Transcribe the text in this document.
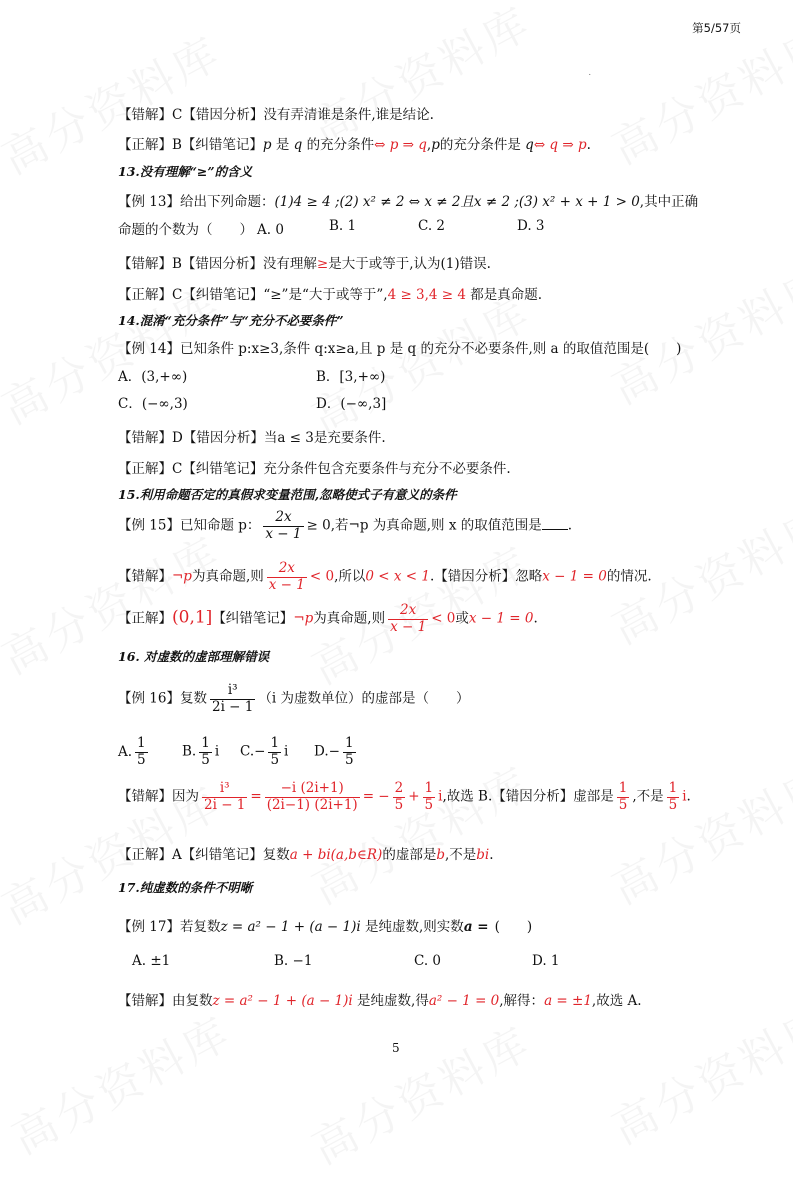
第5/57页
.
【错解】C【错因分析】没有弄清谁是条件,谁是结论.
【正解】B【纠错笔记】p 是 q 的充分条件⇔ p ⇒ q,p的充分条件是 q⇔ q ⇒ p.
13.没有理解“≥”的含义
【例 13】给出下列命题：(1)4 ≥ 4 ;(2) x² ≠ 2 ⇔ x ≠ 2且x ≠ 2 ;(3) x² + x + 1 > 0,其中正确
命题的个数为（　　） A. 0	B. 1	C. 2	D. 3
【错解】B【错因分析】没有理解≥是大于或等于,认为(1)错误.
【正解】C【纠错笔记】“≥”是“大于或等于”,4 ≥ 3,4 ≥ 4 都是真命题.
14.混淆“充分条件”与“充分不必要条件”
【例 14】已知条件 p:x≥3,条件 q:x≥a,且 p 是 q 的充分不必要条件,则 a 的取值范围是(　　)
A．(3,+∞)	B．[3,+∞)
C．(−∞,3)	D．(−∞,3]
【错解】D【错因分析】当a ≤ 3是充要条件.
【正解】C【纠错笔记】充分条件包含充要条件与充分不必要条件.
15.利用命题否定的真假求变量范围,忽略使式子有意义的条件
【例 15】已知命题 p： $\frac{2x}{x - 1} \ge 0$,若¬p 为真命题,则 x 的取值范围是 .
【错解】¬p为真命题,则 $\frac{2x}{x - 1} < 0$,所以0 < x < 1.【错因分析】忽略x − 1 = 0的情况.
【正解】(0,1]【纠错笔记】¬p为真命题,则 $\frac{2x}{x - 1} < 0$或x − 1 = 0.
16. 对虚数的虚部理解错误
【例 16】复数 $\frac{\text{i³}}{2i - 1} (i$ 为虚数单位）的虚部是（　　）
A. $\frac{1}{5}$	B. $\frac{1}{5}$ i $C.- \frac{1}{5}$ i $D.- \frac{1}{5}$
【错解】因为 $\frac{\text{i³}}{2i - 1} = \frac{-i (2i+1)}{(2i-1) (2i+1)}$ = − $\frac{2}{5} + \frac{1}{5} i$,故选 B.【错因分析】虚部是 $\frac{1}{5}$ ,不是 $\frac{1}{5} i$.
【正解】A【纠错笔记】复数a + bi(a,b∈R)的虚部是b,不是bi.
17.纯虚数的条件不明晰
【例 17】若复数z = a² − 1 + (a − 1)i 是纯虚数,则实数a = (　　)
A. ±1	B. −1	C. 0	D. 1
【错解】由复数z = a² − 1 + (a − 1)i 是纯虚数,得a² − 1 = 0,解得：a = ±1,故选 A.
5
